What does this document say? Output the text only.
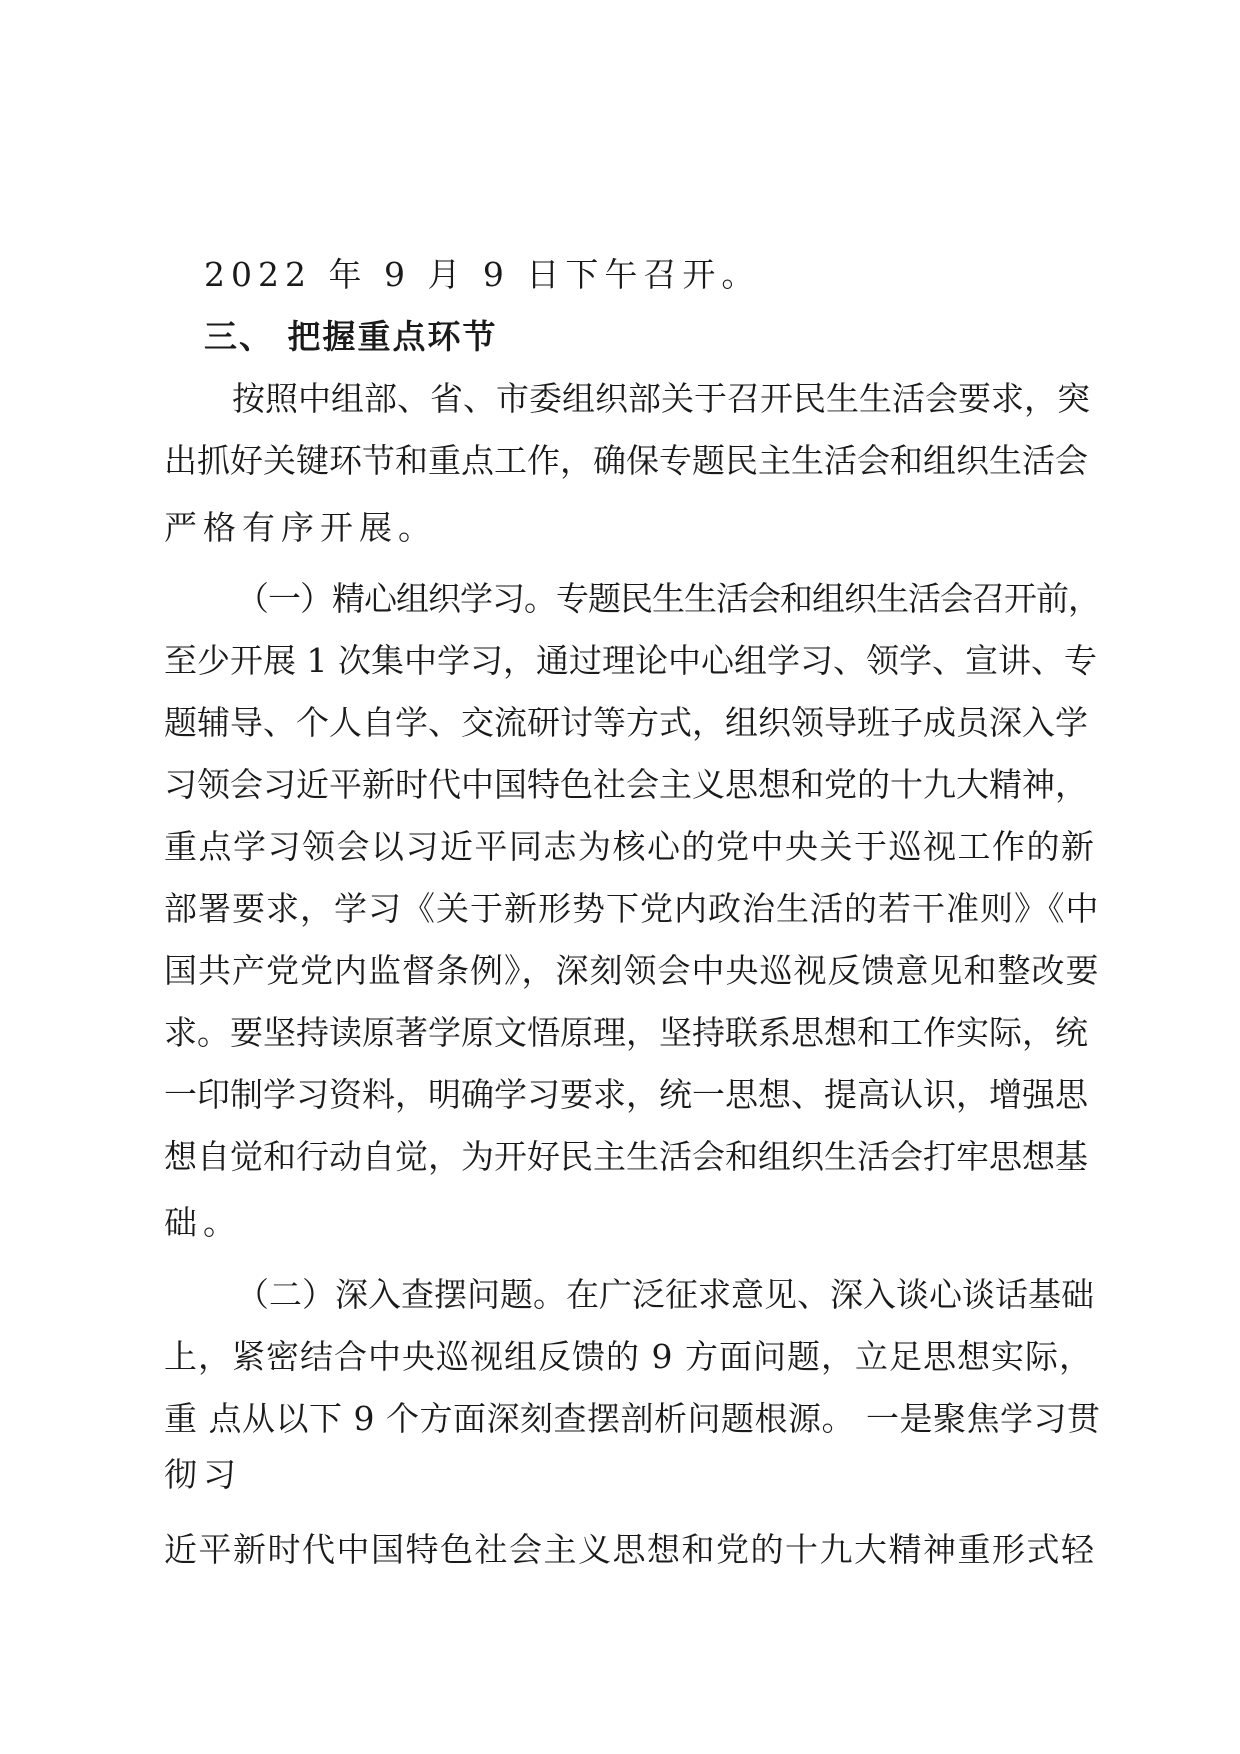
2022 年 9 月 9 日下午召开。
三、 把握重点环节
按照中组部、省、市委组织部关于召开民生生活会要求，突
出抓好关键环节和重点工作，确保专题民主生活会和组织生活会
严格有序开展。
（一）精心组织学习。专题民生生活会和组织生活会召开前，
至少开展 1 次集中学习，通过理论中心组学习、领学、宣讲、专
题辅导、个人自学、交流研讨等方式，组织领导班子成员深入学
习领会习近平新时代中国特色社会主义思想和党的十九大精神，
重点学习领会以习近平同志为核心的党中央关于巡视工作的新
部署要求，学习《关于新形势下党内政治生活的若干准则》《中
国共产党党内监督条例》，深刻领会中央巡视反馈意见和整改要
求。要坚持读原著学原文悟原理，坚持联系思想和工作实际，统
一印制学习资料，明确学习要求，统一思想、提高认识，增强思
想自觉和行动自觉，为开好民主生活会和组织生活会打牢思想基
础。
（二）深入查摆问题。在广泛征求意见、深入谈心谈话基础
上，紧密结合中央巡视组反馈的 9 方面问题，立足思想实际，
重 点从以下 9 个方面深刻查摆剖析问题根源。 一是聚焦学习贯
彻习
近平新时代中国特色社会主义思想和党的十九大精神重形式轻
